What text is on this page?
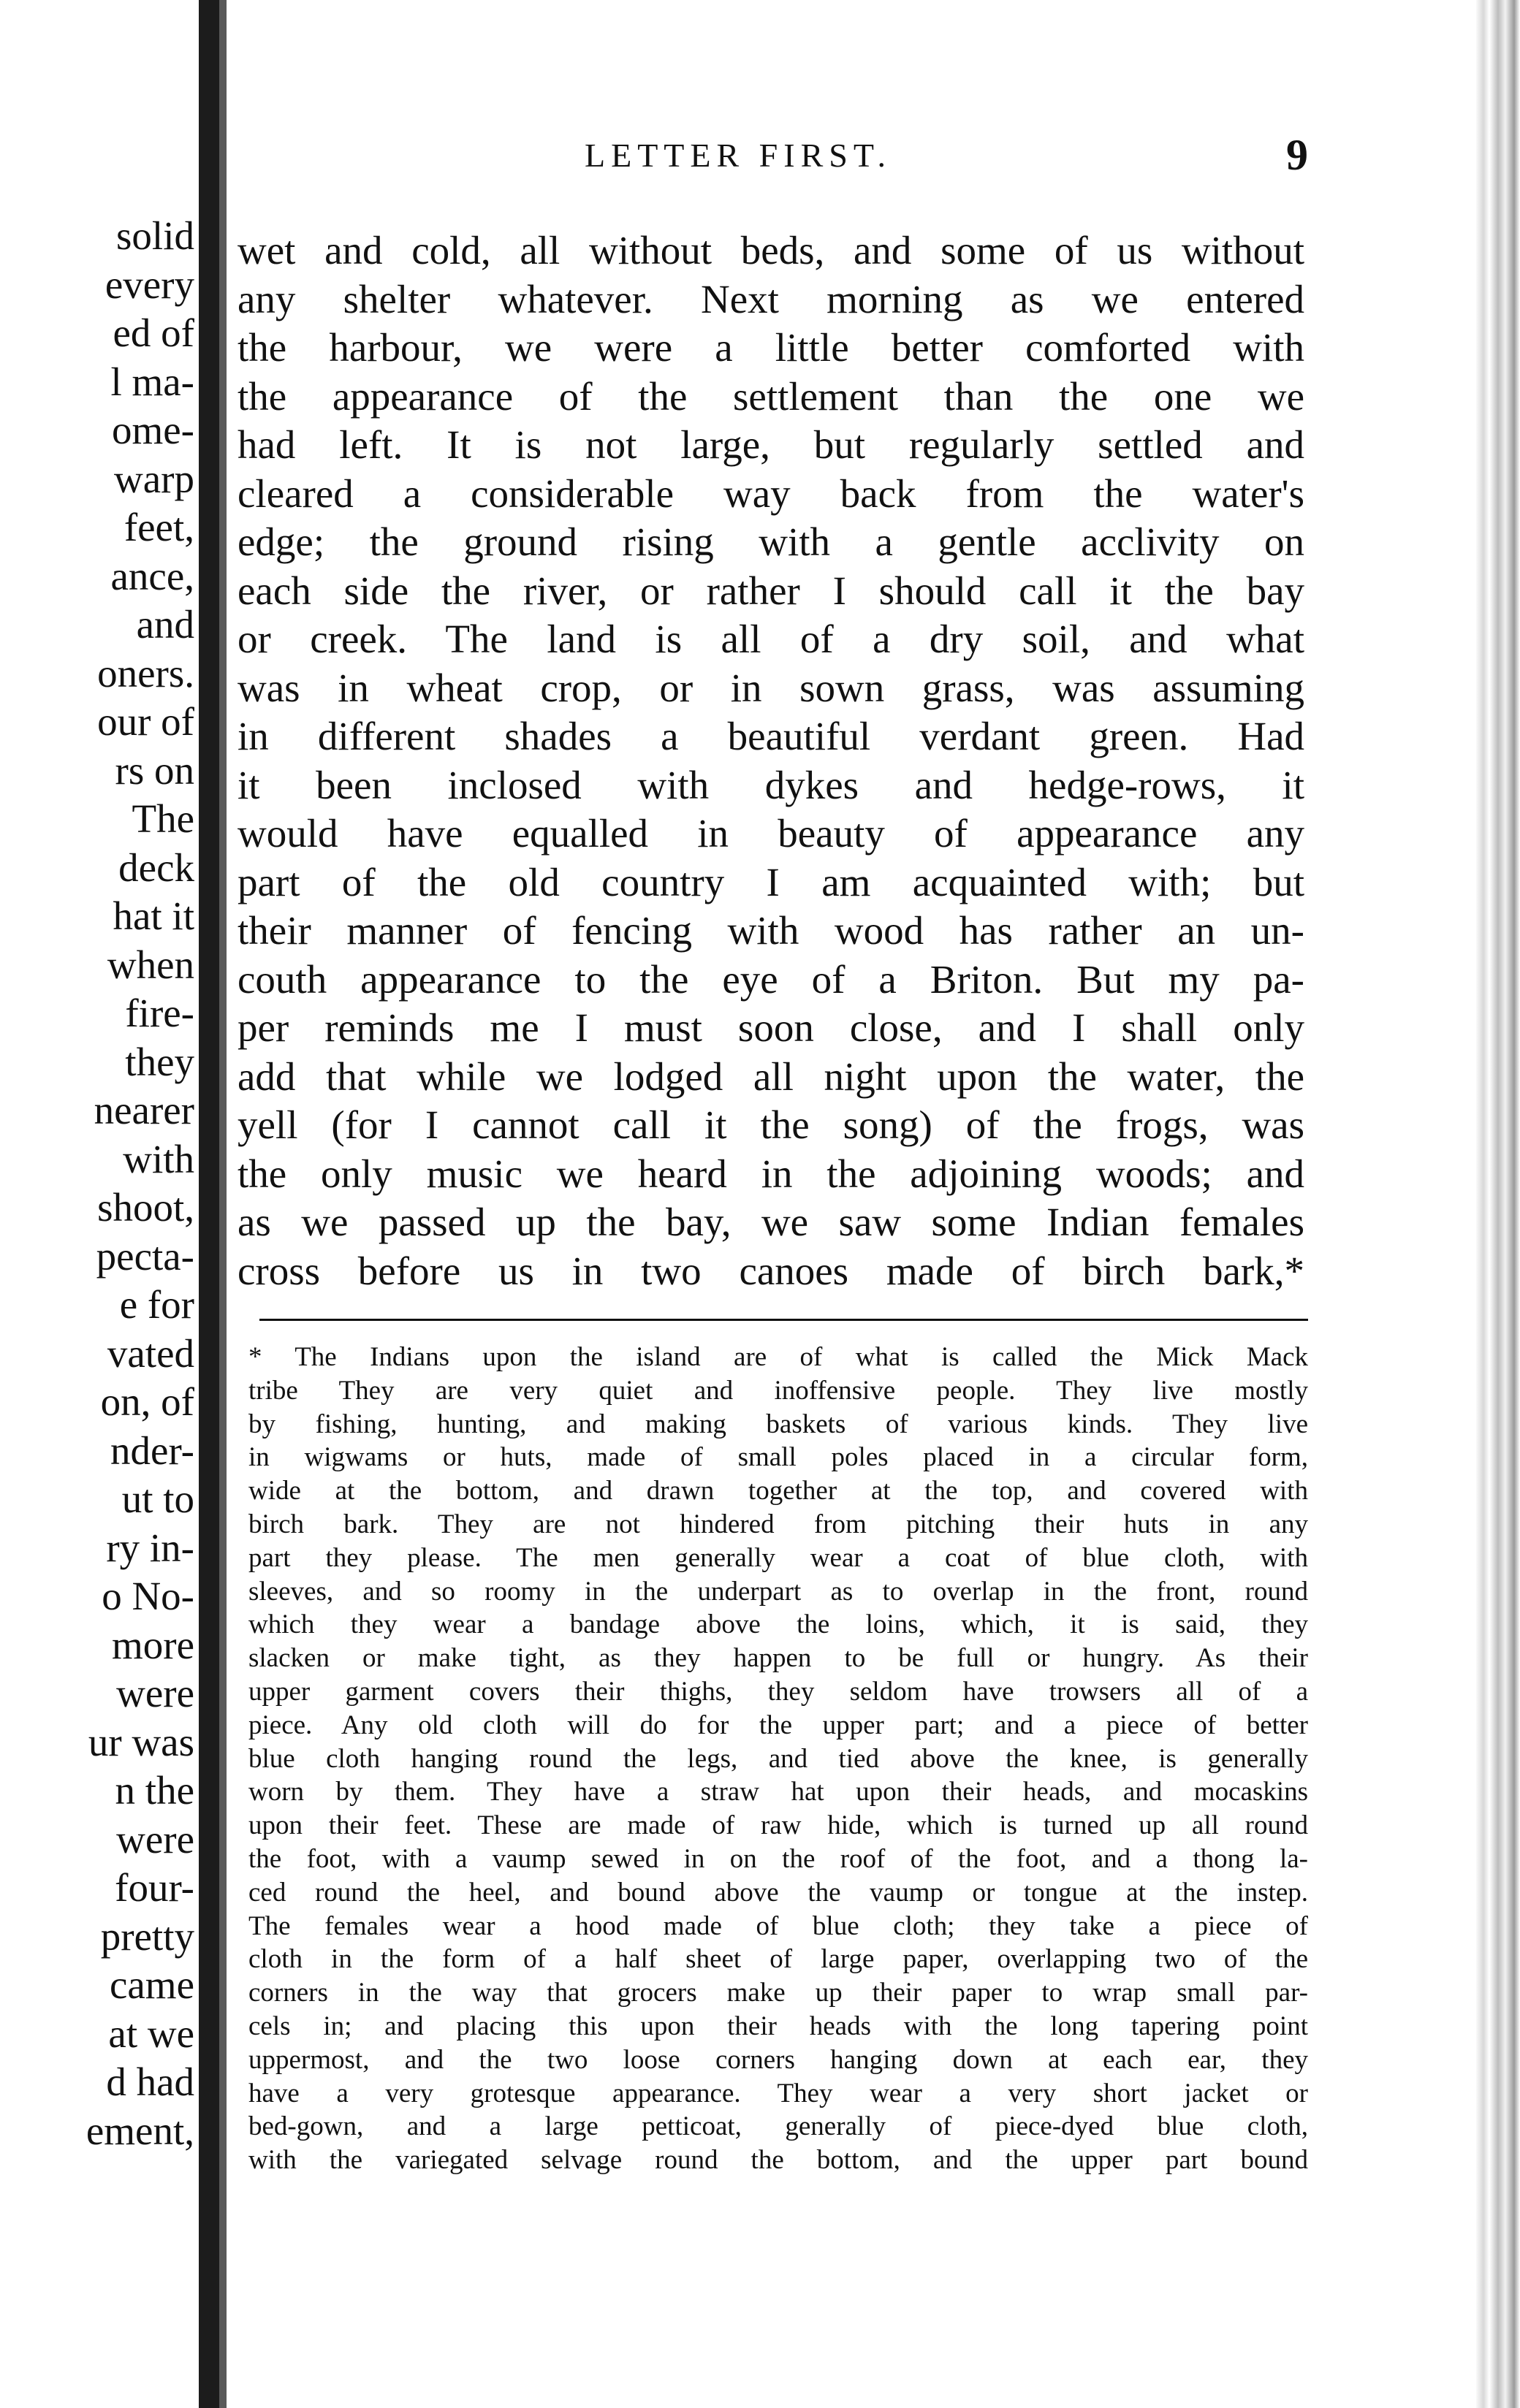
solid
every
ed of
l ma-
ome-
warp
feet,
ance,
and
oners.
our of
rs on
The
deck
hat it
when
fire-
they
nearer
with
shoot,
pecta-
e for
vated
on, of
nder-
ut to
ry in-
o No-
more
were
ur was
n the
were
four-
pretty
came
at we
d had
ement,
LETTER FIRST.	9
wet and cold, all without beds, and some of us without
any shelter whatever. Next morning as we entered
the harbour, we were a little better comforted with
the appearance of the settlement than the one we
had left. It is not large, but regularly settled and
cleared a considerable way back from the water's
edge; the ground rising with a gentle acclivity on
each side the river, or rather I should call it the bay
or creek. The land is all of a dry soil, and what
was in wheat crop, or in sown grass, was assuming
in different shades a beautiful verdant green. Had
it been inclosed with dykes and hedge-rows, it
would have equalled in beauty of appearance any
part of the old country I am acquainted with; but
their manner of fencing with wood has rather an un-
couth appearance to the eye of a Briton. But my pa-
per reminds me I must soon close, and I shall only
add that while we lodged all night upon the water, the
yell (for I cannot call it the song) of the frogs, was
the only music we heard in the adjoining woods; and
as we passed up the bay, we saw some Indian females
cross before us in two canoes made of birch bark,*
* The Indians upon the island are of what is called the Mick Mack
tribe They are very quiet and inoffensive people. They live mostly
by fishing, hunting, and making baskets of various kinds. They live
in wigwams or huts, made of small poles placed in a circular form,
wide at the bottom, and drawn together at the top, and covered with
birch bark. They are not hindered from pitching their huts in any
part they please. The men generally wear a coat of blue cloth, with
sleeves, and so roomy in the underpart as to overlap in the front, round
which they wear a bandage above the loins, which, it is said, they
slacken or make tight, as they happen to be full or hungry. As their
upper garment covers their thighs, they seldom have trowsers all of a
piece. Any old cloth will do for the upper part; and a piece of better
blue cloth hanging round the legs, and tied above the knee, is generally
worn by them. They have a straw hat upon their heads, and mocaskins
upon their feet. These are made of raw hide, which is turned up all round
the foot, with a vaump sewed in on the roof of the foot, and a thong la-
ced round the heel, and bound above the vaump or tongue at the instep.
The females wear a hood made of blue cloth; they take a piece of
cloth in the form of a half sheet of large paper, overlapping two of the
corners in the way that grocers make up their paper to wrap small par-
cels in; and placing this upon their heads with the long tapering point
uppermost, and the two loose corners hanging down at each ear, they
have a very grotesque appearance. They wear a very short jacket or
bed-gown, and a large petticoat, generally of piece-dyed blue cloth,
with the variegated selvage round the bottom, and the upper part bound
